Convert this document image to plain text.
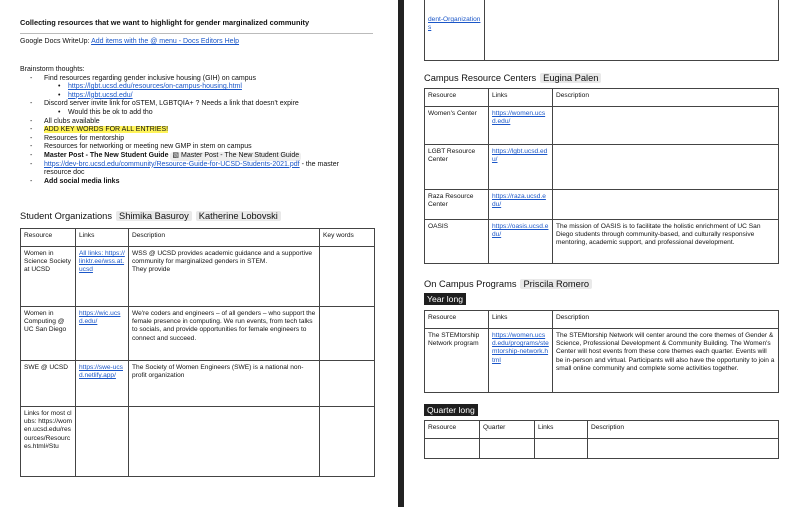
Collecting resources that we want to highlight for gender marginalized community
Google Docs WriteUp: Add items with the @ menu - Docs Editors Help
Brainstorm thoughts:
- Find resources regarding gender inclusive housing (GIH) on campus
• https://lgbt.ucsd.edu/resources/on-campus-housing.html
• https://lgbt.ucsd.edu/
- Discord server invite link for oSTEM, LGBTQIA+ ? Needs a link that doesn't expire
• Would this be ok to add tho
- All clubs available
- ADD KEY WORDS FOR ALL ENTRIES!
- Resources for mentorship
- Resources for networking or meeting new GMP in stem on campus
- Master Post - The New Student Guide ▧ Master Post - The New Student Guide
- https://dev-brc.ucsd.edu/community/Resource-Guide-for-UCSD-Students-2021.pdf - the master
resource doc
- Add social media links
Student Organizations Shimika Basuroy Katherine Lobovski
Resource	Links	Description	Key words
Women in Science Society at UCSD	All links: https://linktr.ee/wss.at.ucsd	WSS @ UCSD provides academic guidance and a supportive community for marginalized genders in STEM.
They provide	
Women in Computing @ UC San Diego	https://wic.ucsd.edu/	We're coders and engineers – of all genders – who support the female presence in computing. We run events, from tech talks to socials, and provide opportunities for female engineers to connect and succeed.	
SWE @ UCSD	https://swe-ucsd.netlify.app/	The Society of Women Engineers (SWE) is a national non-profit organization	
Links for most clubs: https://women.ucsd.edu/resources/Resources.html#Stu			
dent-Organizations	
Campus Resource Centers Eugina Palen
Resource	Links	Description
Women's Center	https://women.ucsd.edu/	
LGBT Resource Center	https://lgbt.ucsd.edu/	
Raza Resource Center	https://raza.ucsd.edu/	
OASIS	https://oasis.ucsd.edu/	The mission of OASIS is to facilitate the holistic enrichment of UC San Diego students through community-based, and culturally responsive mentoring, academic support, and professional development.
On Campus Programs Priscila Romero
Year long
Resource	Links	Description
The STEMtorship Network program	https://women.ucsd.edu/programs/stemtorship-network.html	The STEMtorship Network will center around the core themes of Gender & Science, Professional Development & Community Building. The Women's Center will host events from these core themes each quarter. Events will be in-person and virtual. Participants will also have the opportunity to join a small online community and complete some activities together.
Quarter long
Resource	Quarter	Links	Description
